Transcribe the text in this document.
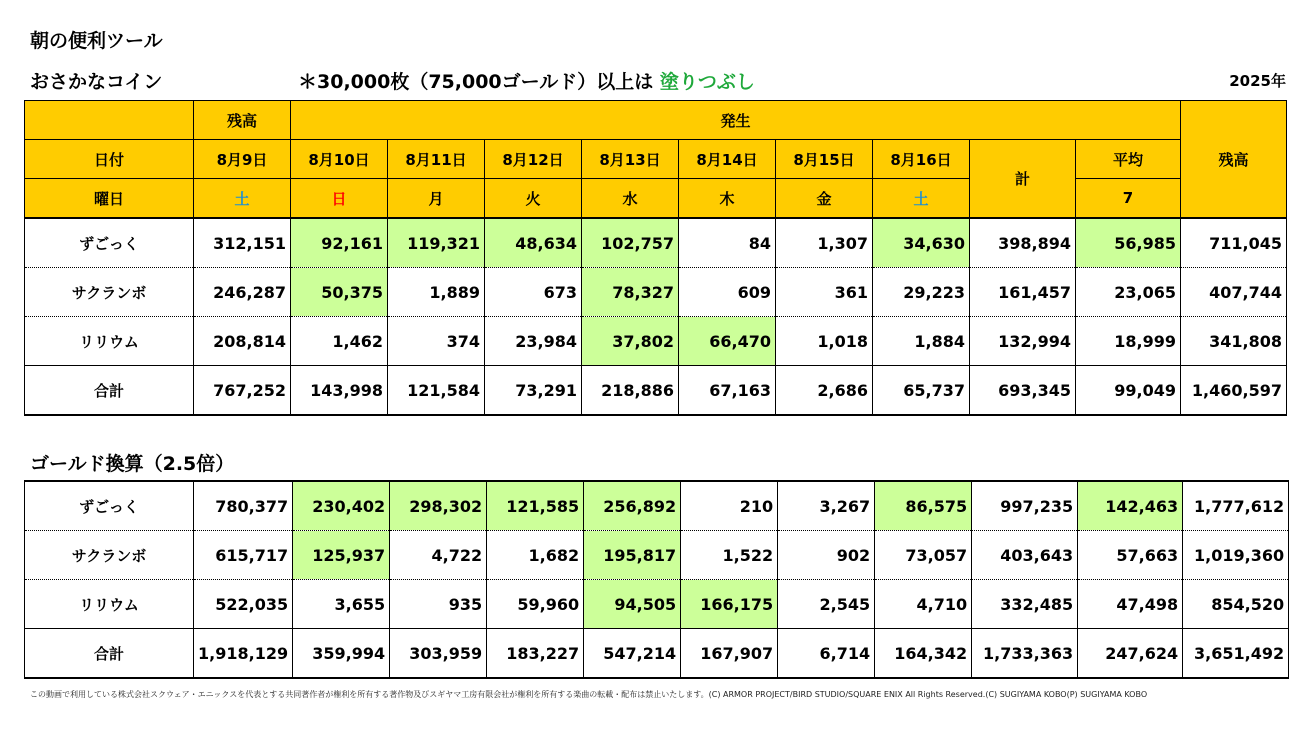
朝の便利ツール
おさかなコイン	＊30,000枚（75,000ゴールド）以上は 塗りつぶし	2025年
	残高	発生									残高
日付	8月9日	8月10日	8月11日	8月12日	8月13日	8月14日	8月15日	8月16日	計	平均	
曜日	土	日	月	火	水	木	金	土		7	
ずごっく	312,151	92,161	119,321	48,634	102,757	84	1,307	34,630	398,894	56,985	711,045
サクランボ	246,287	50,375	1,889	673	78,327	609	361	29,223	161,457	23,065	407,744
リリウム	208,814	1,462	374	23,984	37,802	66,470	1,018	1,884	132,994	18,999	341,808
合計	767,252	143,998	121,584	73,291	218,886	67,163	2,686	65,737	693,345	99,049	1,460,597
ゴールド換算（2.5倍）
ずごっく	780,377	230,402	298,302	121,585	256,892	210	3,267	86,575	997,235	142,463	1,777,612
サクランボ	615,717	125,937	4,722	1,682	195,817	1,522	902	73,057	403,643	57,663	1,019,360
リリウム	522,035	3,655	935	59,960	94,505	166,175	2,545	4,710	332,485	47,498	854,520
合計	1,918,129	359,994	303,959	183,227	547,214	167,907	6,714	164,342	1,733,363	247,624	3,651,492
この動画で利用している株式会社スクウェア・エニックスを代表とする共同著作者が権利を所有する著作物及びスギヤマ工房有限会社が権利を所有する楽曲の転載・配布は禁止いたします。(C) ARMOR PROJECT/BIRD STUDIO/SQUARE ENIX All Rights Reserved.(C) SUGIYAMA KOBO(P) SUGIYAMA KOBO
